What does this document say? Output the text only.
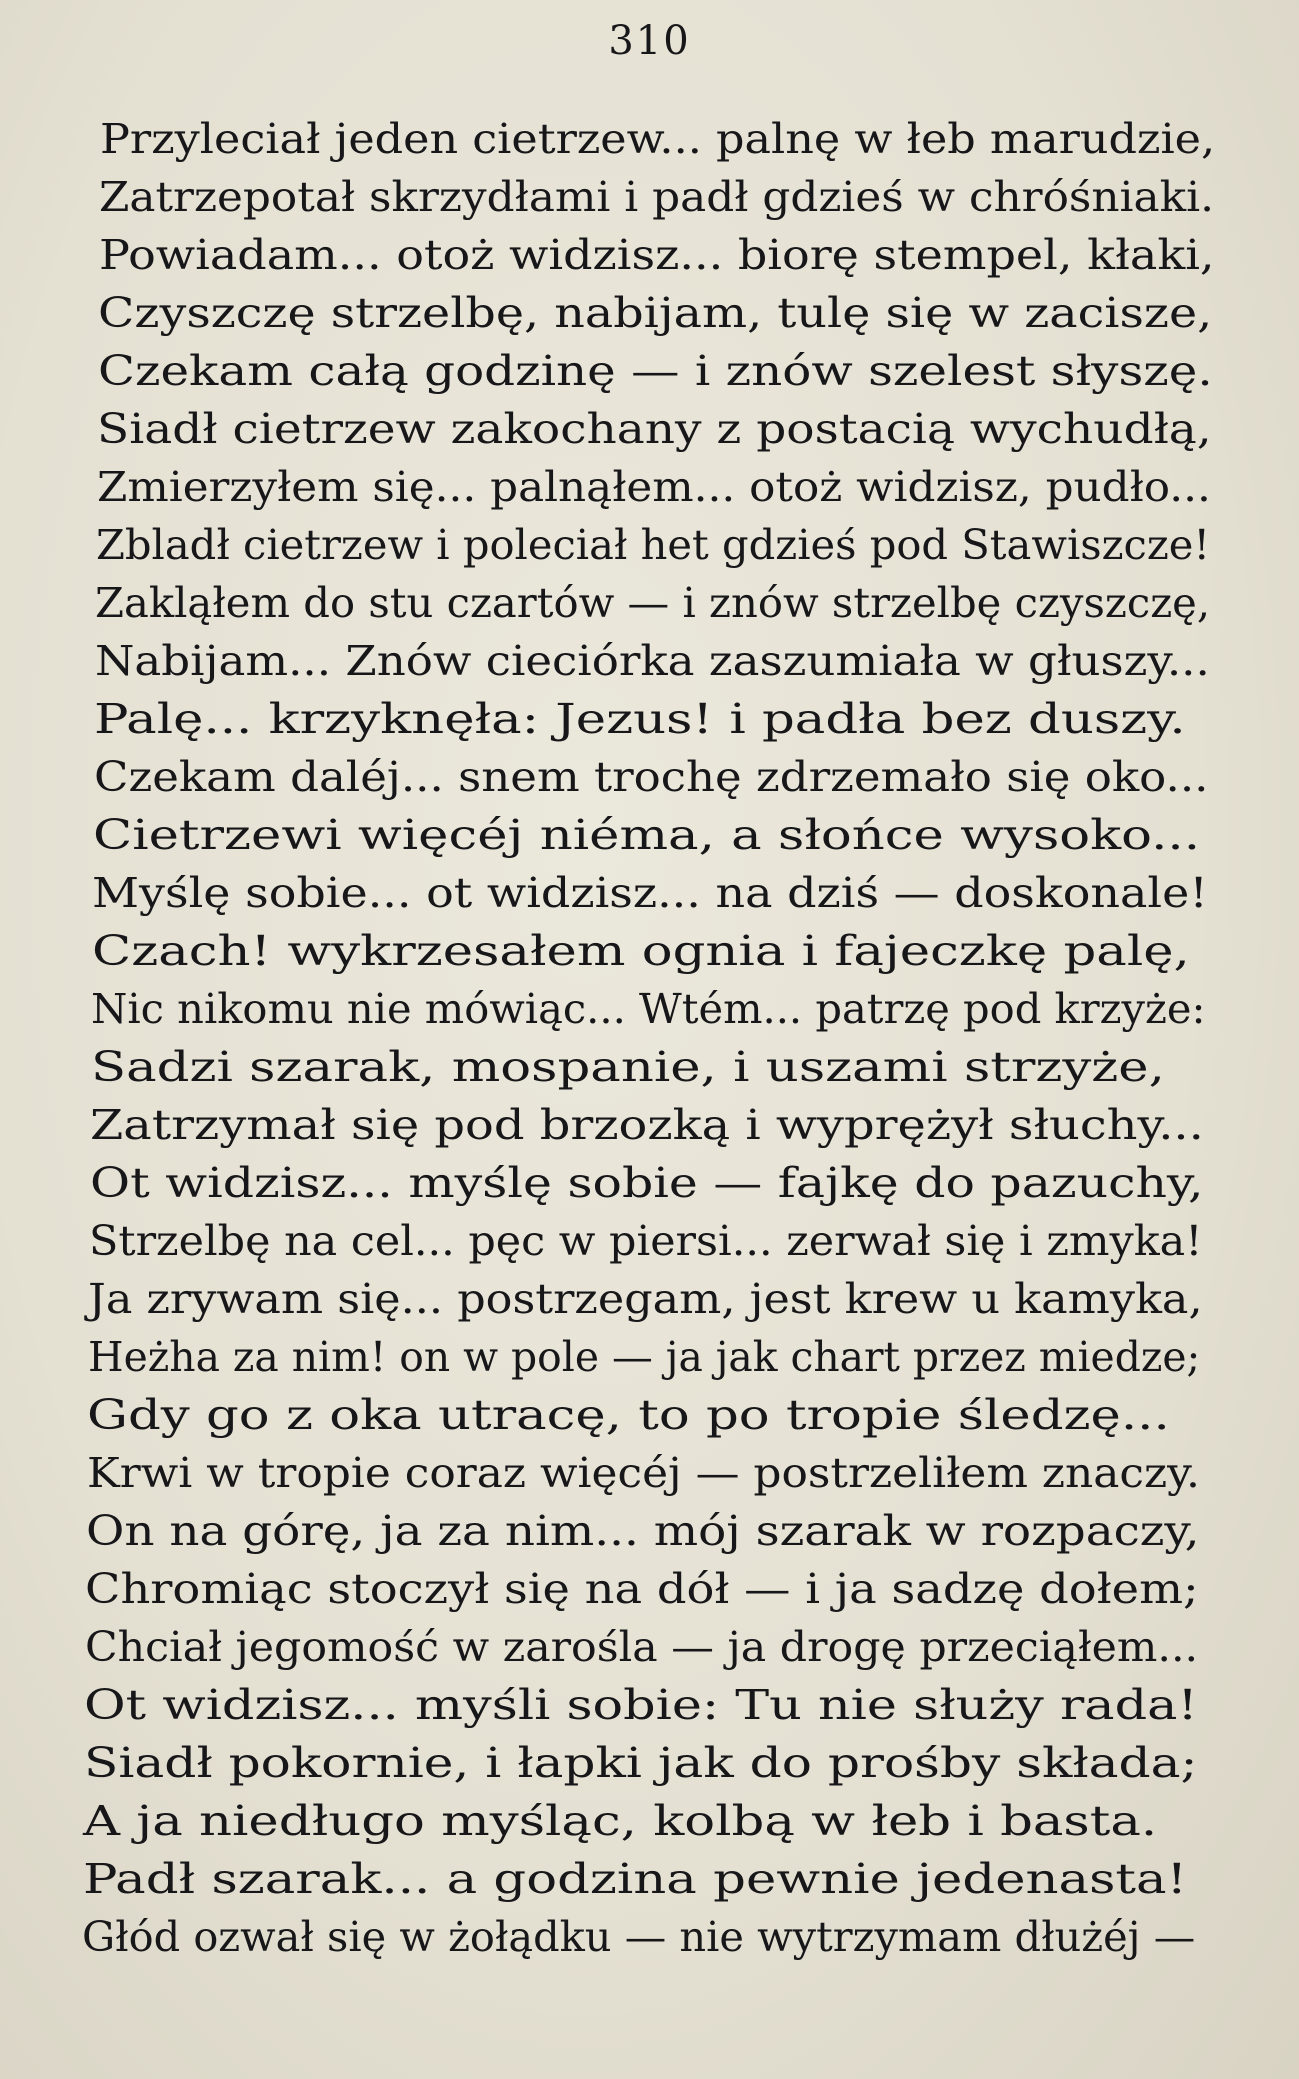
310
Przyleciał jeden cietrzew... palnę w łeb marudzie,
Zatrzepotał skrzydłami i padł gdzieś w chróśniaki.
Powiadam... otoż widzisz... biorę stempel, kłaki,
Czyszczę strzelbę, nabijam, tulę się w zacisze,
Czekam całą godzinę — i znów szelest słyszę.
Siadł cietrzew zakochany z postacią wychudłą,
Zmierzyłem się... palnąłem... otoż widzisz, pudło...
Zbladł cietrzew i poleciał het gdzieś pod Stawiszcze!
Zakląłem do stu czartów — i znów strzelbę czyszczę,
Nabijam... Znów cieciórka zaszumiała w głuszy...
Palę... krzyknęła: Jezus! i padła bez duszy.
Czekam daléj... snem trochę zdrzemało się oko...
Cietrzewi więcéj niéma, a słońce wysoko...
Myślę sobie... ot widzisz... na dziś — doskonale!
Czach! wykrzesałem ognia i fajeczkę palę,
Nic nikomu nie mówiąc... Wtém... patrzę pod krzyże:
Sadzi szarak, mospanie, i uszami strzyże,
Zatrzymał się pod brzozką i wyprężył słuchy...
Ot widzisz... myślę sobie — fajkę do pazuchy,
Strzelbę na cel... pęc w piersi... zerwał się i zmyka!
Ja zrywam się... postrzegam, jest krew u kamyka,
Heżha za nim! on w pole — ja jak chart przez miedze;
Gdy go z oka utracę, to po tropie śledzę...
Krwi w tropie coraz więcéj — postrzeliłem znaczy.
On na górę, ja za nim... mój szarak w rozpaczy,
Chromiąc stoczył się na dół — i ja sadzę dołem;
Chciał jegomość w zarośla — ja drogę przeciąłem...
Ot widzisz... myśli sobie: Tu nie służy rada!
Siadł pokornie, i łapki jak do prośby składa;
A ja niedługo myśląc, kolbą w łeb i basta.
Padł szarak... a godzina pewnie jedenasta!
Głód ozwał się w żołądku — nie wytrzymam dłużéj —
